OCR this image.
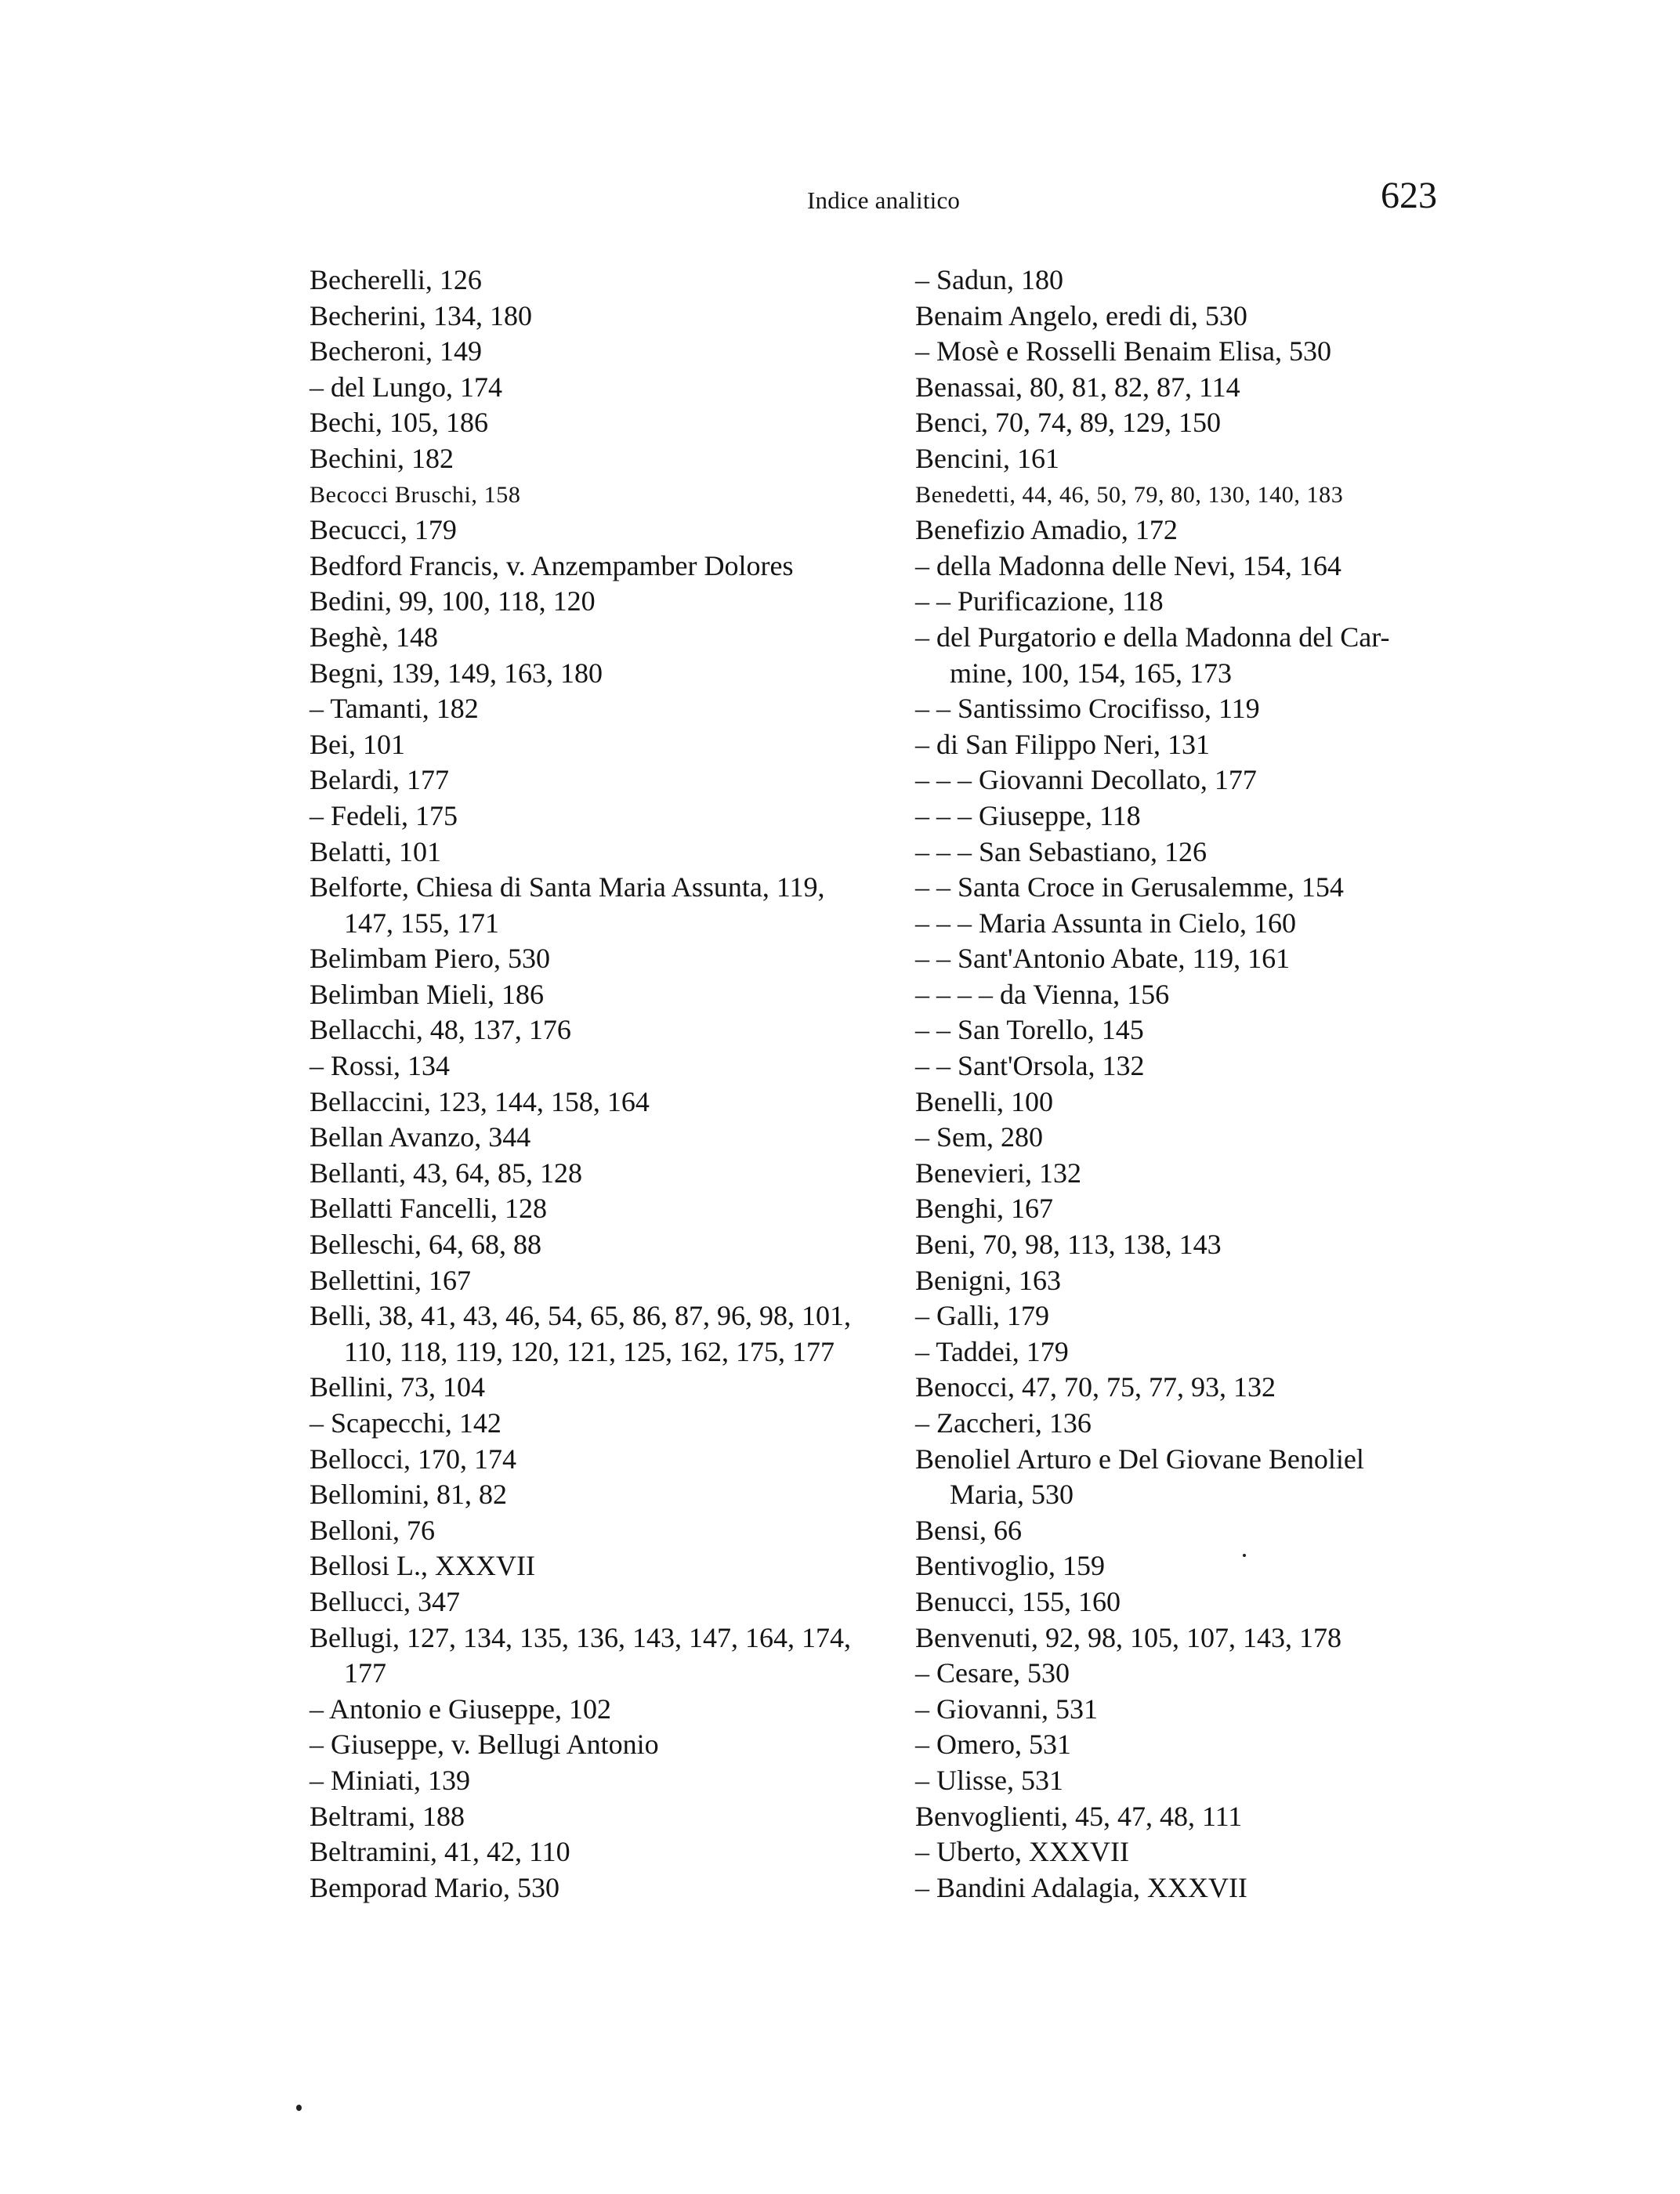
Indice analitico	623
Becherelli, 126
Becherini, 134, 180
Becheroni, 149
– del Lungo, 174
Bechi, 105, 186
Bechini, 182
Becocci Bruschi, 158
Becucci, 179
Bedford Francis, v. Anzempamber Dolores
Bedini, 99, 100, 118, 120
Beghè, 148
Begni, 139, 149, 163, 180
– Tamanti, 182
Bei, 101
Belardi, 177
– Fedeli, 175
Belatti, 101
Belforte, Chiesa di Santa Maria Assunta, 119,
147, 155, 171
Belimbam Piero, 530
Belimban Mieli, 186
Bellacchi, 48, 137, 176
– Rossi, 134
Bellaccini, 123, 144, 158, 164
Bellan Avanzo, 344
Bellanti, 43, 64, 85, 128
Bellatti Fancelli, 128
Belleschi, 64, 68, 88
Bellettini, 167
Belli, 38, 41, 43, 46, 54, 65, 86, 87, 96, 98, 101,
110, 118, 119, 120, 121, 125, 162, 175, 177
Bellini, 73, 104
– Scapecchi, 142
Bellocci, 170, 174
Bellomini, 81, 82
Belloni, 76
Bellosi L., XXXVII
Bellucci, 347
Bellugi, 127, 134, 135, 136, 143, 147, 164, 174,
177
– Antonio e Giuseppe, 102
– Giuseppe, v. Bellugi Antonio
– Miniati, 139
Beltrami, 188
Beltramini, 41, 42, 110
Bemporad Mario, 530
– Sadun, 180
Benaim Angelo, eredi di, 530
– Mosè e Rosselli Benaim Elisa, 530
Benassai, 80, 81, 82, 87, 114
Benci, 70, 74, 89, 129, 150
Bencini, 161
Benedetti, 44, 46, 50, 79, 80, 130, 140, 183
Benefizio Amadio, 172
– della Madonna delle Nevi, 154, 164
– – Purificazione, 118
– del Purgatorio e della Madonna del Car-
mine, 100, 154, 165, 173
– – Santissimo Crocifisso, 119
– di San Filippo Neri, 131
– – – Giovanni Decollato, 177
– – – Giuseppe, 118
– – – San Sebastiano, 126
– – Santa Croce in Gerusalemme, 154
– – – Maria Assunta in Cielo, 160
– – Sant'Antonio Abate, 119, 161
– – – – da Vienna, 156
– – San Torello, 145
– – Sant'Orsola, 132
Benelli, 100
– Sem, 280
Benevieri, 132
Benghi, 167
Beni, 70, 98, 113, 138, 143
Benigni, 163
– Galli, 179
– Taddei, 179
Benocci, 47, 70, 75, 77, 93, 132
– Zaccheri, 136
Benoliel Arturo e Del Giovane Benoliel
Maria, 530
Bensi, 66
Bentivoglio, 159
Benucci, 155, 160
Benvenuti, 92, 98, 105, 107, 143, 178
– Cesare, 530
– Giovanni, 531
– Omero, 531
– Ulisse, 531
Benvoglienti, 45, 47, 48, 111
– Uberto, XXXVII
– Bandini Adalagia, XXXVII
